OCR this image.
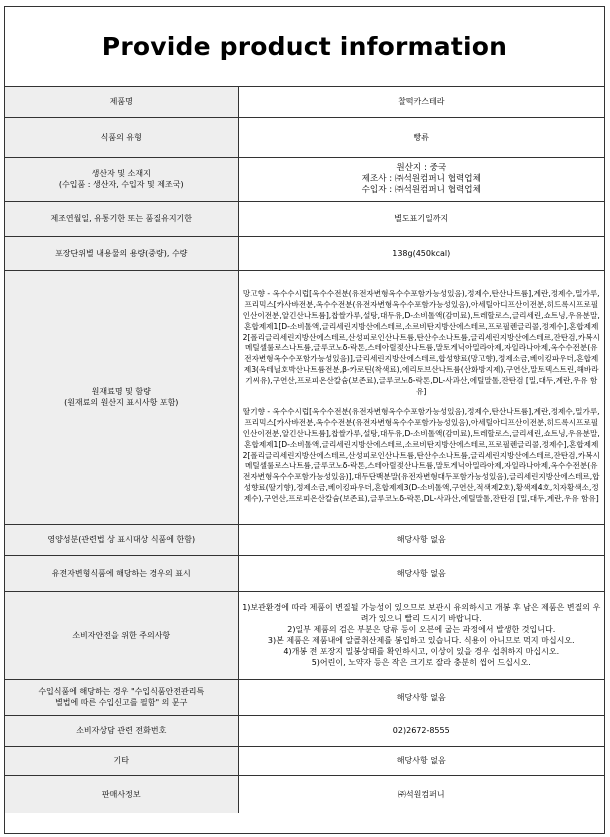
Provide product information
제품명	찰떡카스테라
식품의 유형	빵류

생산자 및 소재지
(수입품 : 생산자, 수입자 및 제조국)	원산지 : 중국
제조사 : ㈜석원컴퍼니 협력업체
수입자 : ㈜석원컴퍼니 협력업체

제조연월일, 유통기한 또는 품질유지기한	별도표기일까지
포장단위별 내용물의 용량(중량), 수량	138g(450kcal)

원재료명 및 함량
(원재료의 원산지 표시사항 포함)	망고향 - 옥수수시럽[옥수수전분(유전자변형옥수수포함가능성있음),정제수,탄산나트륨],계란,정제수,밀가루,프리믹스[카사바전분,옥수수전분(유전자변형옥수수포함가능성있음),아세틸아디프산이전분,히드록시프로필인산이전분,알긴산나트륨],찹쌀가루,설탕,대두유,D-소비톨액(감미료),트레할로스,글리세린,쇼트닝,우유분말,혼합제제1[D-소비톨액,글리세린지방산에스테르,소르비탄지방산에스테르,프로필렌글리콜,정제수],혼합제제2[폴리글리세린지방산에스테르,산성피로인산나트륨,탄산수소나트륨,글리세린지방산에스테르,잔탄검,카복시메틸셀룰로스나트륨,글루코노δ-락톤,스테아릴젖산나트륨,말토게닉아밀라아제,자일라나아제,옥수수전분(유전자변형옥수수포함가능성있음)],글리세린지방산에스테르,합성향료(망고향),정제소금,베이킹파우더,혼합제제3(옥테닐호박산나트륨전분,β-카로틴(착색료),에리토브산나트륨(산화방지제),구연산,말토덱스트린,해바라기씨유),구연산,프로피온산칼슘(보존료),글루코노δ-락톤,DL-사과산,에틸말톨,잔탄검 [밀,대두,계란,우유 함유]
딸기향 - 옥수수시럽[옥수수전분(유전자변형옥수수포함가능성있음),정제수,탄산나트륨],계란,정제수,밀가루,프리믹스[카사바전분,옥수수전분(유전자변형옥수수포함가능성있음),아세틸아디프산이전분,히드록시프로필인산이전분,알긴산나트륨],찹쌀가루,설탕,대두유,D-소비톨액(감미료),트레할로스,글리세린,쇼트닝,우유분말,혼합제제1[D-소비톨액,글리세린지방산에스테르,소르비탄지방산에스테르,프로필렌글리콜,정제수],혼합제제2[폴리글리세린지방산에스테르,산성피로인산나트륨,탄산수소나트륨,글리세린지방산에스테르,잔탄검,카복시메틸셀룰로스나트륨,글루코노δ-락톤,스테아릴젖산나트륨,말토게닉아밀라아제,자일라나아제,옥수수전분(유전자변형옥수수포함가능성있음)],대두단백분말(유전자변형대두포함가능성있음),글리세린지방산에스테르,합성향료(딸기향),정제소금,베이킹파우더,혼합제제3(D-소비톨액,구연산,적색제2호),황색제4호,치자황색소,정제수),구연산,프로피온산칼슘(보존료),글루코노δ-락톤,DL-사과산,에틸말톨,잔탄검 [밀,대두,계란,우유 함유]

영양성분(관련법 상 표시대상 식품에 한함)	해당사항 없음
유전자변형식품에 해당하는 경우의 표시	해당사항 없음
소비자안전을 위한 주의사항	1)보관환경에 따라 제품이 변질될 가능성이 있으므로 보관시 유의하시고 개봉 후 남은 제품은 변질의 우려가 있으니 빨리 드시기 바랍니다.
2)일부 제품의 검은 부분은 당류 등이 오븐에 굽는 과정에서 발생한 것입니다.
3)본 제품은 제품내에 알콜취산제를 봉입하고 있습니다. 식용이 아니므로 먹지 마십시오.
4)개봉 전 포장지 밀봉상태를 확인하시고, 이상이 있을 경우 섭취하지 마십시오.
5)어린이, 노약자 등은 작은 크기로 잘라 충분히 씹어 드십시오.

수입식품에 해당하는 경우 "수입식품안전관리특
별법에 따른 수입신고를 필함" 의 문구	해당사항 없음
소비자상담 관련 전화번호	02)2672-8555
기타	해당사항 없음
판매사정보	㈜석원컴퍼니
